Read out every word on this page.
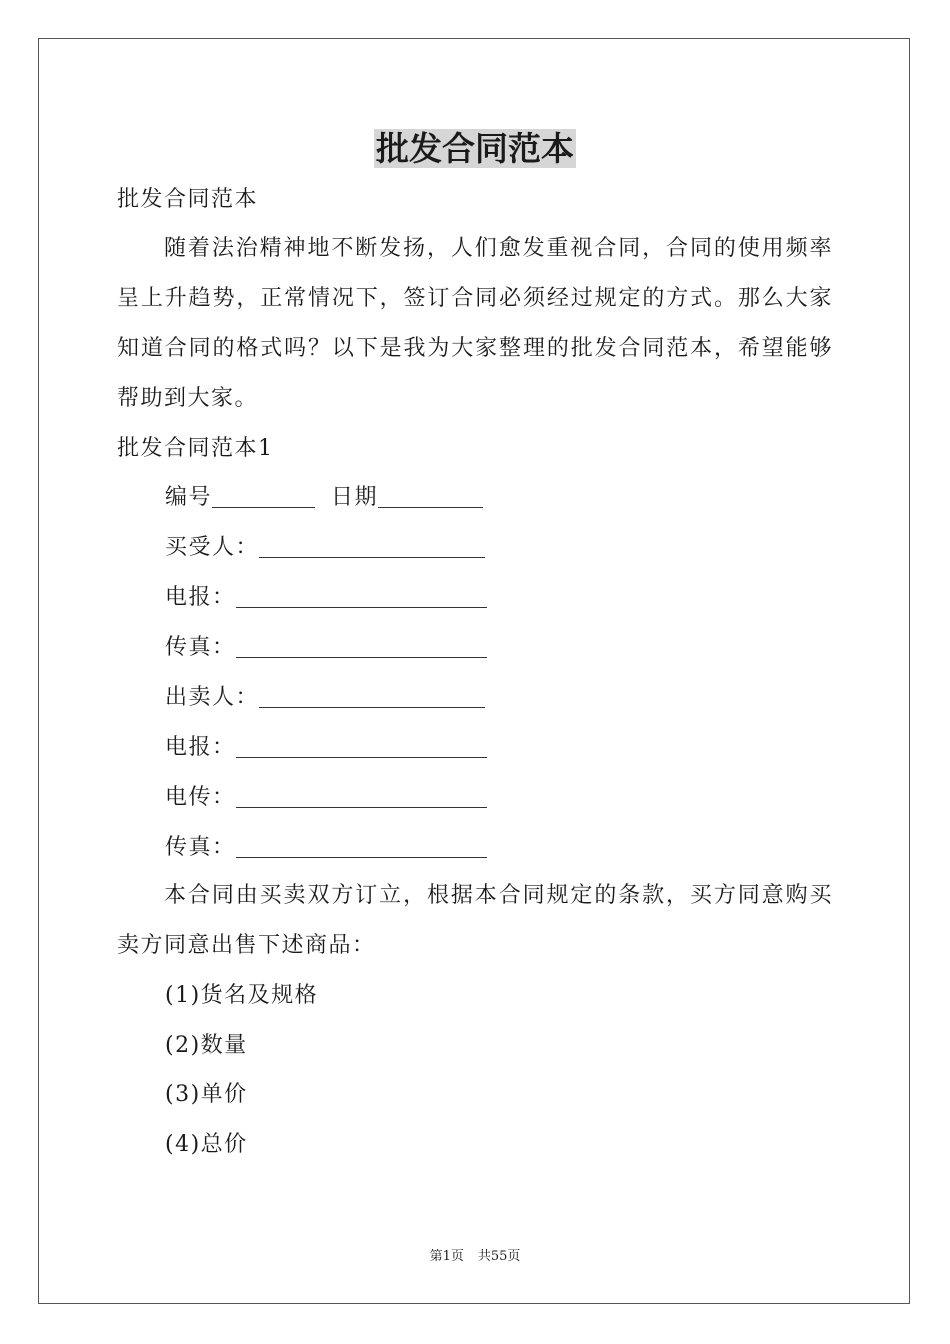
批发合同范本
批发合同范本
随着法治精神地不断发扬，人们愈发重视合同，合同的使用频率呈上升趋势，正常情况下，签订合同必须经过规定的方式。那么大家知道合同的格式吗？以下是我为大家整理的批发合同范本，希望能够帮助到大家。
批发合同范本1
编号	日期
买受人：
电报：
传真：
出卖人：
电报：
电传：
传真：
本合同由买卖双方订立，根据本合同规定的条款，买方同意购买卖方同意出售下述商品：
(1)货名及规格
(2)数量
(3)单价
(4)总价
第1页 共55页
